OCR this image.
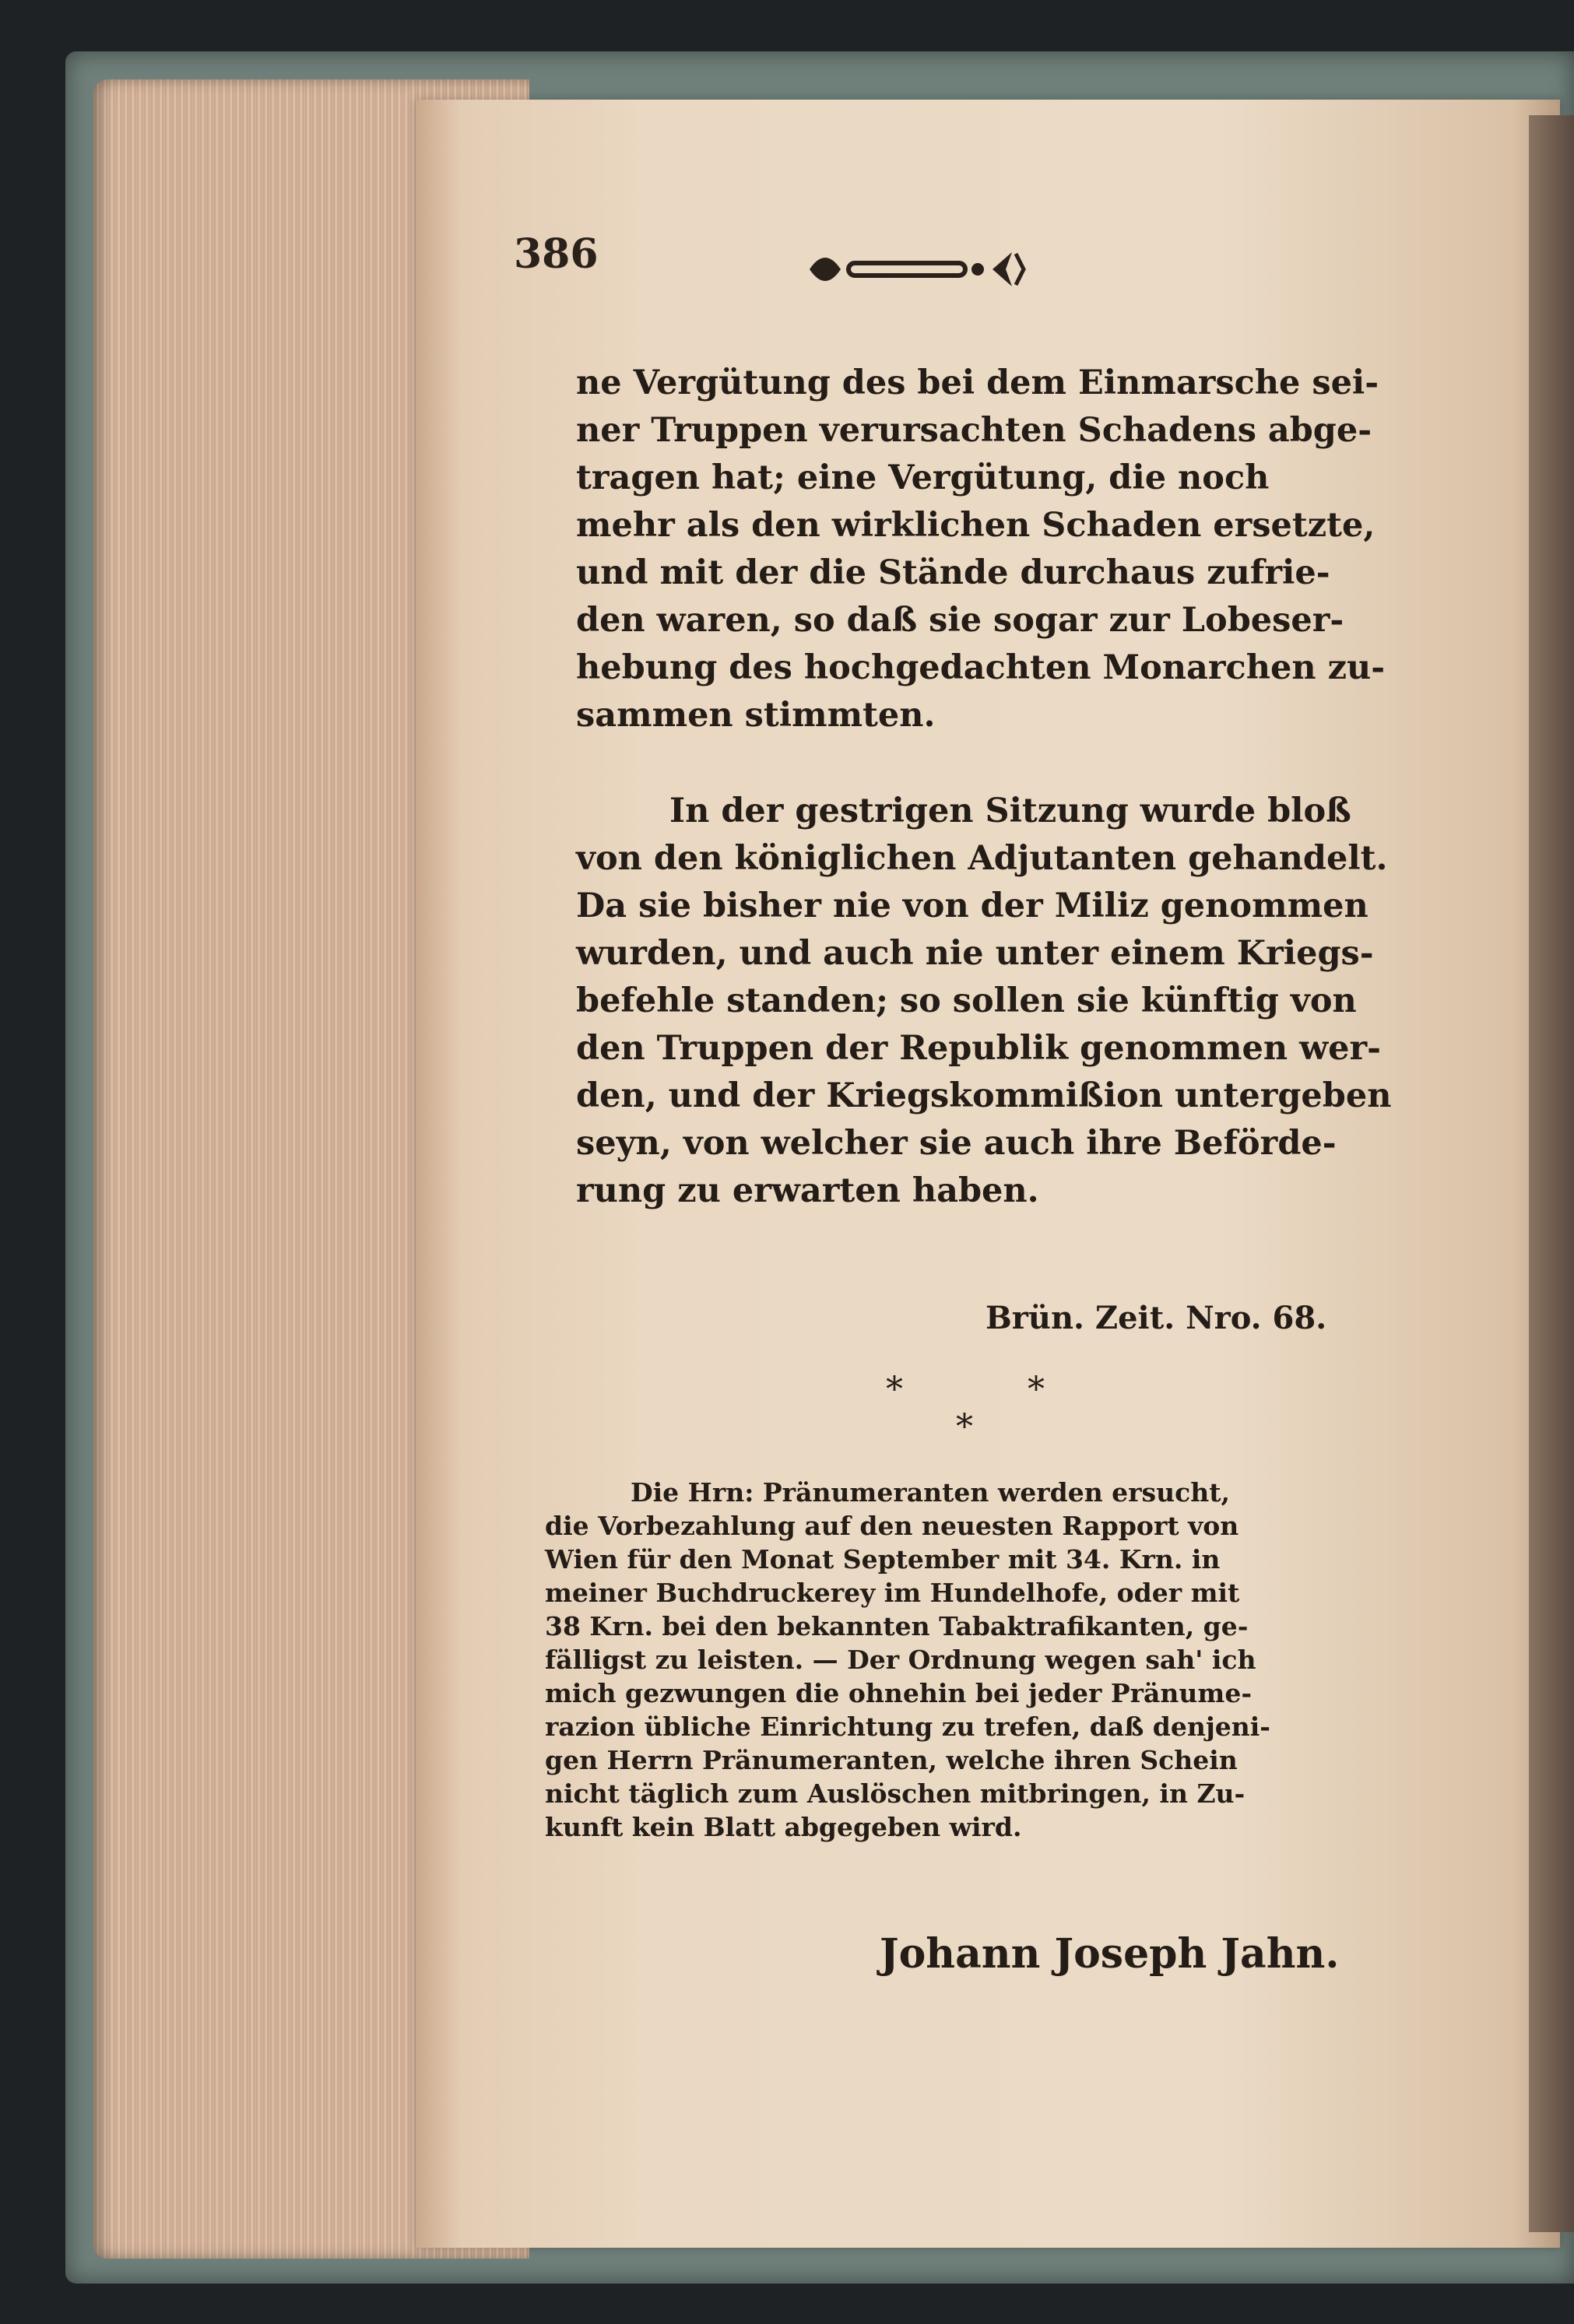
386
ne Vergütung des bei dem Einmarsche sei-
ner Truppen verursachten Schadens abge-
tragen hat; eine Vergütung, die noch
mehr als den wirklichen Schaden ersetzte,
und mit der die Stände durchaus zufrie-
den waren, so daß sie sogar zur Lobeser-
hebung des hochgedachten Monarchen zu-
sammen stimmten.
In der gestrigen Sitzung wurde bloß
von den königlichen Adjutanten gehandelt.
Da sie bisher nie von der Miliz genommen
wurden, und auch nie unter einem Kriegs-
befehle standen; so sollen sie künftig von
den Truppen der Republik genommen wer-
den, und der Kriegskommißion untergeben
seyn, von welcher sie auch ihre Beförde-
rung zu erwarten haben.
Brün. Zeit. Nro. 68.
*	*
*
Die Hrn: Pränumeranten werden ersucht,
die Vorbezahlung auf den neuesten Rapport von
Wien für den Monat September mit 34. Krn. in
meiner Buchdruckerey im Hundelhofe, oder mit
38 Krn. bei den bekannten Tabaktrafikanten, ge-
fälligst zu leisten. — Der Ordnung wegen sah' ich
mich gezwungen die ohnehin bei jeder Pränume-
razion übliche Einrichtung zu trefen, daß denjeni-
gen Herrn Pränumeranten, welche ihren Schein
nicht täglich zum Auslöschen mitbringen, in Zu-
kunft kein Blatt abgegeben wird.
Johann Joseph Jahn.
